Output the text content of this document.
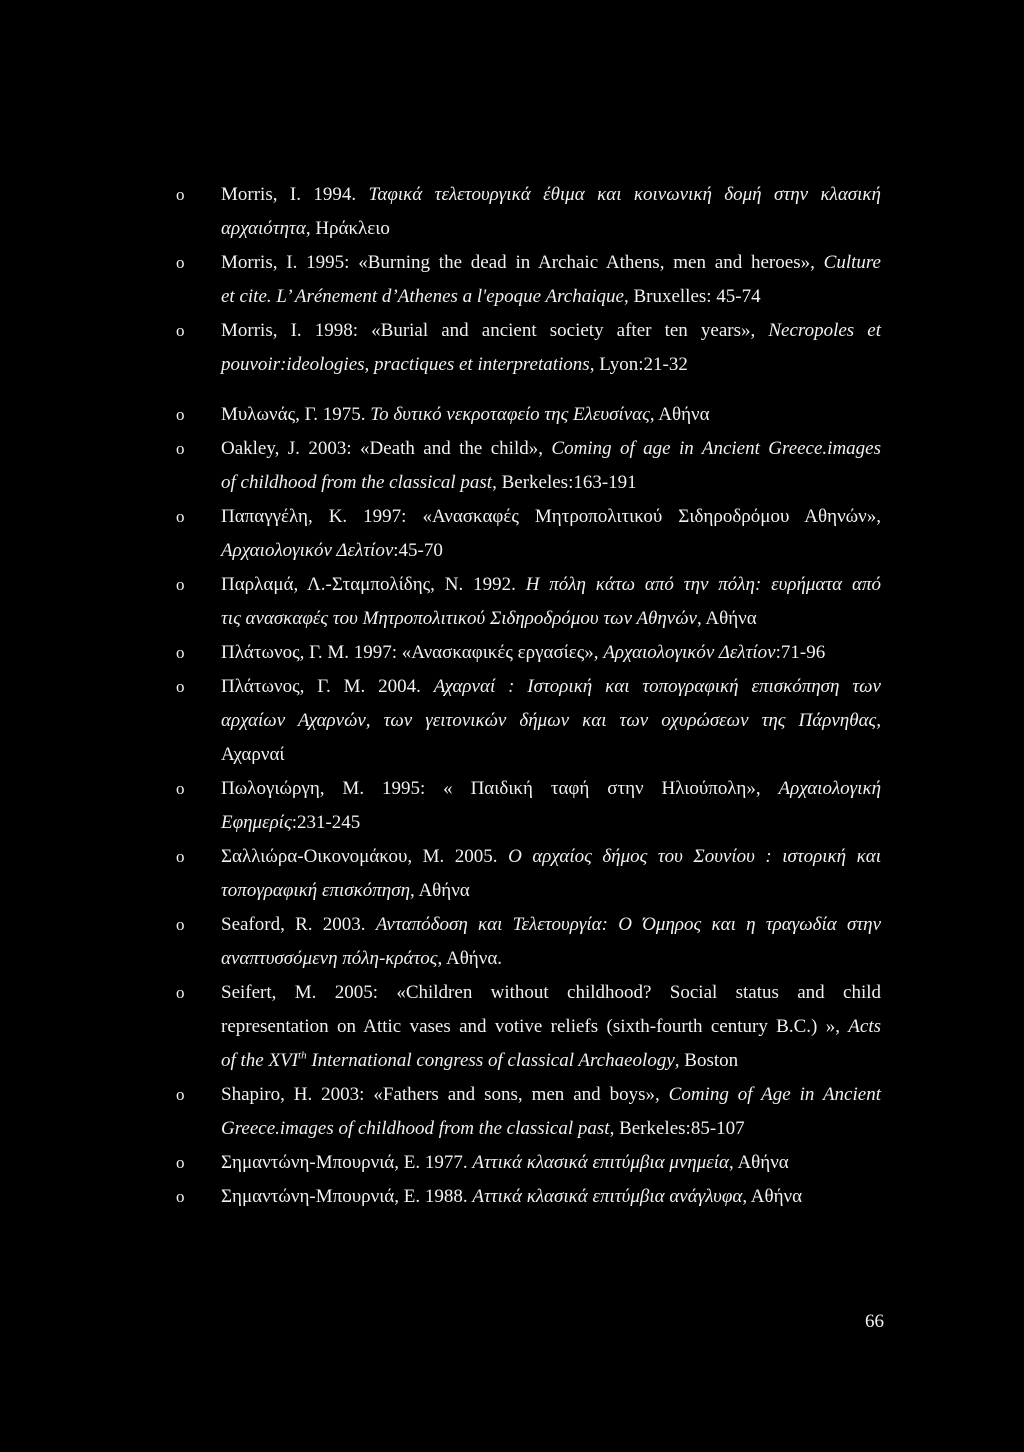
o Morris, I. 1994. Ταφικά τελετουργικά έθιμα και κοινωνική δομή στην κλασική
αρχαιότητα, Ηράκλειο
o Morris, I. 1995: «Burning the dead in Archaic Athens, men and heroes», Culture
et cite. L’ Arénement d’Athenes a l'epoque Archaique, Bruxelles: 45-74
o Morris, I. 1998: «Burial and ancient society after ten years», Necropoles et
pouvoir:ideologies, practiques et interpretations, Lyon:21-32
o Μυλωνάς, Γ. 1975. Το δυτικό νεκροταφείο της Ελευσίνας, Αθήνα
o Oakley, J. 2003: «Death and the child», Coming of age in Ancient Greece.images
of childhood from the classical past, Berkeles:163-191
o Παπαγγέλη, Κ. 1997: «Ανασκαφές Μητροπολιτικού Σιδηροδρόμου Αθηνών»,
Αρχαιολογικόν Δελτίον:45-70
o Παρλαμά, Λ.-Σταμπολίδης, Ν. 1992. Η πόλη κάτω από την πόλη: ευρήματα από
τις ανασκαφές του Μητροπολιτικού Σιδηροδρόμου των Αθηνών, Αθήνα
o Πλάτωνος, Γ. Μ. 1997: «Ανασκαφικές εργασίες», Αρχαιολογικόν Δελτίον:71-96
o Πλάτωνος, Γ. Μ. 2004. Αχαρναί : Ιστορική και τοπογραφική επισκόπηση των
αρχαίων Αχαρνών, των γειτονικών δήμων και των οχυρώσεων της Πάρνηθας,
Αχαρναί
o Πωλογιώργη, Μ. 1995: « Παιδική ταφή στην Ηλιούπολη», Αρχαιολογική
Εφημερίς:231-245
o Σαλλιώρα-Οικονομάκου, Μ. 2005. Ο αρχαίος δήμος του Σουνίου : ιστορική και
τοπογραφική επισκόπηση, Αθήνα
o Seaford, R. 2003. Ανταπόδοση και Τελετουργία: Ο Όμηρος και η τραγωδία στην
αναπτυσσόμενη πόλη-κράτος, Αθήνα.
o Seifert, M. 2005: «Children without childhood? Social status and child
representation on Attic vases and votive reliefs (sixth-fourth century B.C.) », Acts
of the XVIth International congress of classical Archaeology, Boston
o Shapiro, H. 2003: «Fathers and sons, men and boys», Coming of Age in Ancient
Greece.images of childhood from the classical past, Berkeles:85-107
o Σημαντώνη-Μπουρνιά, Ε. 1977. Αττικά κλασικά επιτύμβια μνημεία, Αθήνα
o Σημαντώνη-Μπουρνιά, Ε. 1988. Αττικά κλασικά επιτύμβια ανάγλυφα, Αθήνα
66
